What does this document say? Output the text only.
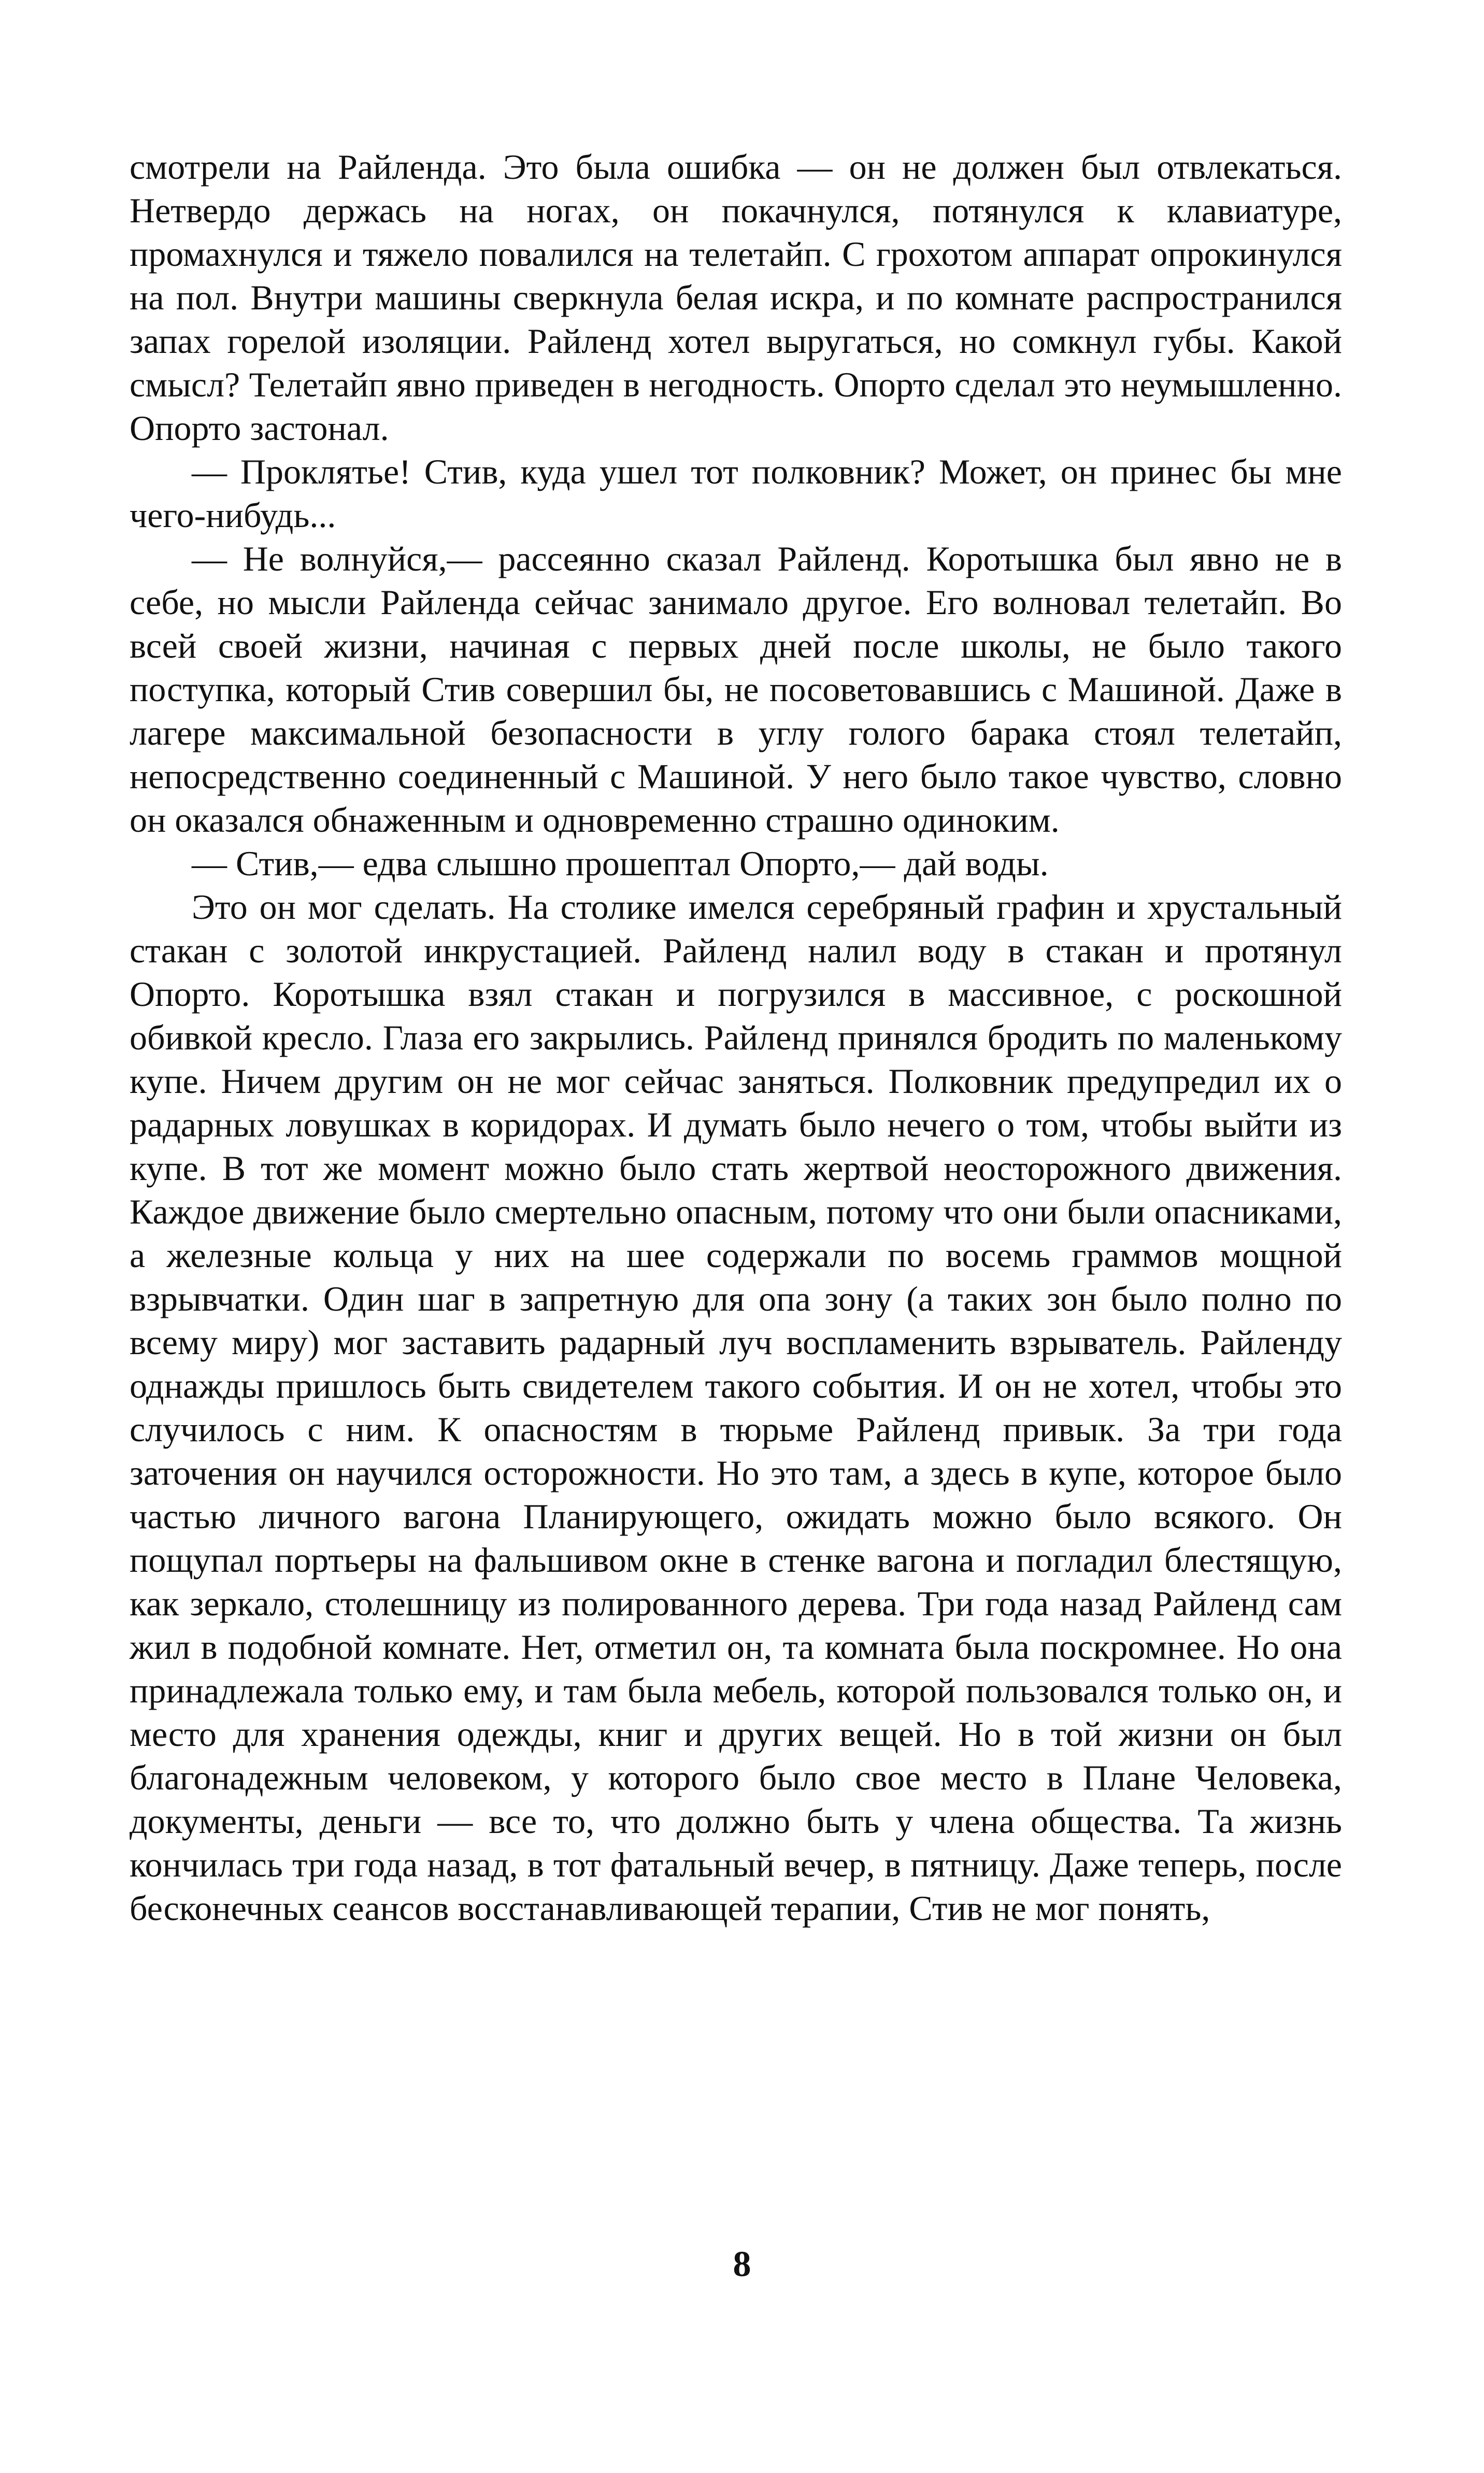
смотрели на Райленда. Это была ошибка — он не должен был отвлекаться. Нетвердо держась на ногах, он покачнулся, потянулся к клавиатуре, промахнулся и тяжело повалился на телетайп. С грохотом аппарат опрокинулся на пол. Внутри машины сверкнула белая искра, и по комнате распространился запах горелой изоляции. Райленд хотел выругаться, но сомкнул губы. Какой смысл? Телетайп явно приведен в негодность. Опорто сделал это неумышленно. Опорто застонал.

— Проклятье! Стив, куда ушел тот полковник? Может, он принес бы мне чего-нибудь...

— Не волнуйся,— рассеянно сказал Райленд. Коротышка был явно не в себе, но мысли Райленда сейчас занимало другое. Его волновал телетайп. Во всей своей жизни, начиная с первых дней после школы, не было такого поступка, который Стив совершил бы, не посоветовавшись с Машиной. Даже в лагере максимальной безопасности в углу голого барака стоял телетайп, непосредственно соединенный с Машиной. У него было такое чувство, словно он оказался обнаженным и одновременно страшно одиноким.

— Стив,— едва слышно прошептал Опорто,— дай воды.

Это он мог сделать. На столике имелся серебряный графин и хрустальный стакан с золотой инкрустацией. Райленд налил воду в стакан и протянул Опорто. Коротышка взял стакан и погрузился в массивное, с роскошной обивкой кресло. Глаза его закрылись. Райленд принялся бродить по маленькому купе. Ничем другим он не мог сейчас заняться. Полковник предупредил их о радарных ловушках в коридорах. И думать было нечего о том, чтобы выйти из купе. В тот же момент можно было стать жертвой неосторожного движения. Каждое движение было смертельно опасным, потому что они были опасниками, а железные кольца у них на шее содержали по восемь граммов мощной взрывчатки. Один шаг в запретную для опа зону (а таких зон было полно по всему миру) мог заставить радарный луч воспламенить взрыватель. Райленду однажды пришлось быть свидетелем такого события. И он не хотел, чтобы это случилось с ним. К опасностям в тюрьме Райленд привык. За три года заточения он научился осторожности. Но это там, а здесь в купе, которое было частью личного вагона Планирующего, ожидать можно было всякого. Он пощупал портьеры на фальшивом окне в стенке вагона и погладил блестящую, как зеркало, столешницу из полированного дерева. Три года назад Райленд сам жил в подобной комнате. Нет, отметил он, та комната была поскромнее. Но она принадлежала только ему, и там была мебель, которой пользовался только он, и место для хранения одежды, книг и других вещей. Но в той жизни он был благонадежным человеком, у которого было свое место в Плане Человека, документы, деньги — все то, что должно быть у члена общества. Та жизнь кончилась три года назад, в тот фатальный вечер, в пятницу. Даже теперь, после бесконечных сеансов восстанавливающей терапии, Стив не мог понять,

8
